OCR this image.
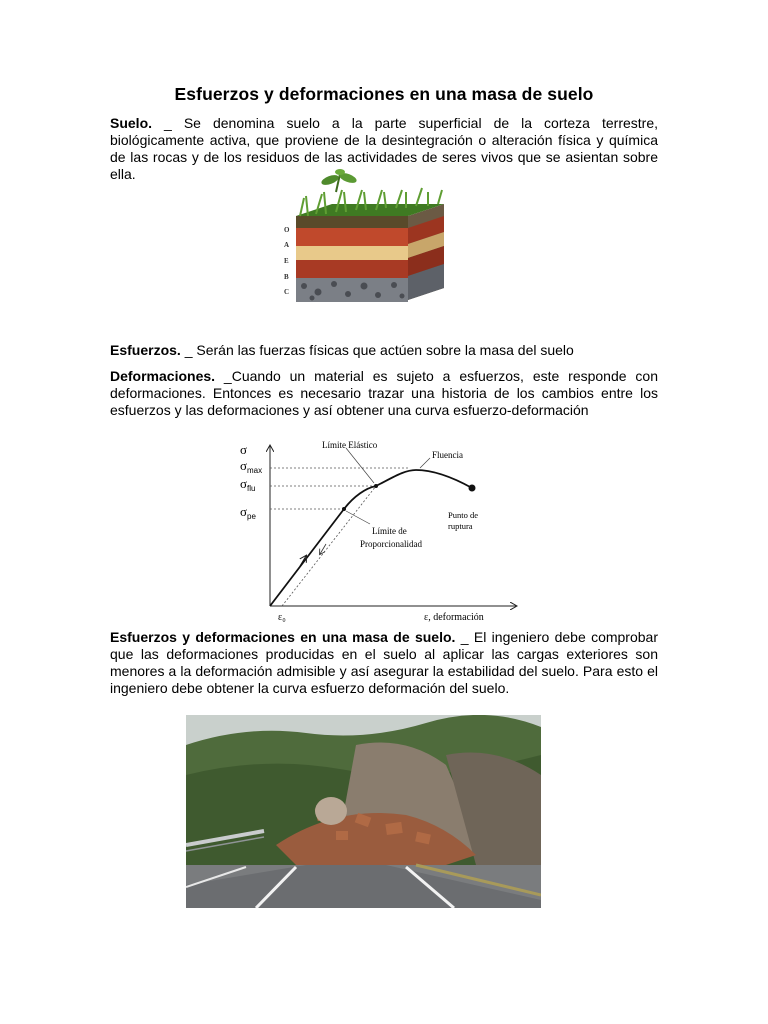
Esfuerzos y deformaciones en una masa de suelo
Suelo. _ Se denomina suelo a la parte superficial de la corteza terrestre, biológicamente activa, que proviene de la desintegración o alteración física y química de las rocas y de los residuos de las actividades de seres vivos que se asientan sobre ella.
O
A
E
B
C
Esfuerzos. _ Serán las fuerzas físicas que actúen sobre la masa del suelo
Deformaciones. _Cuando un material es sujeto a esfuerzos, este responde con deformaciones. Entonces es necesario trazar una historia de los cambios entre los esfuerzos y las deformaciones y así obtener una curva esfuerzo-deformación
σ
$\sigma_{max}$
$\sigma_{flu}$
$\sigma_{pe}$
Límite Elástico
Fluencia
Punto de
ruptura
Límite de
Proporcionalidad
ε₀	ε, deformación
Esfuerzos y deformaciones en una masa de suelo. _ El ingeniero debe comprobar que las deformaciones producidas en el suelo al aplicar las cargas exteriores son menores a la deformación admisible y así asegurar la estabilidad del suelo. Para esto el ingeniero debe obtener la curva esfuerzo deformación del suelo.
